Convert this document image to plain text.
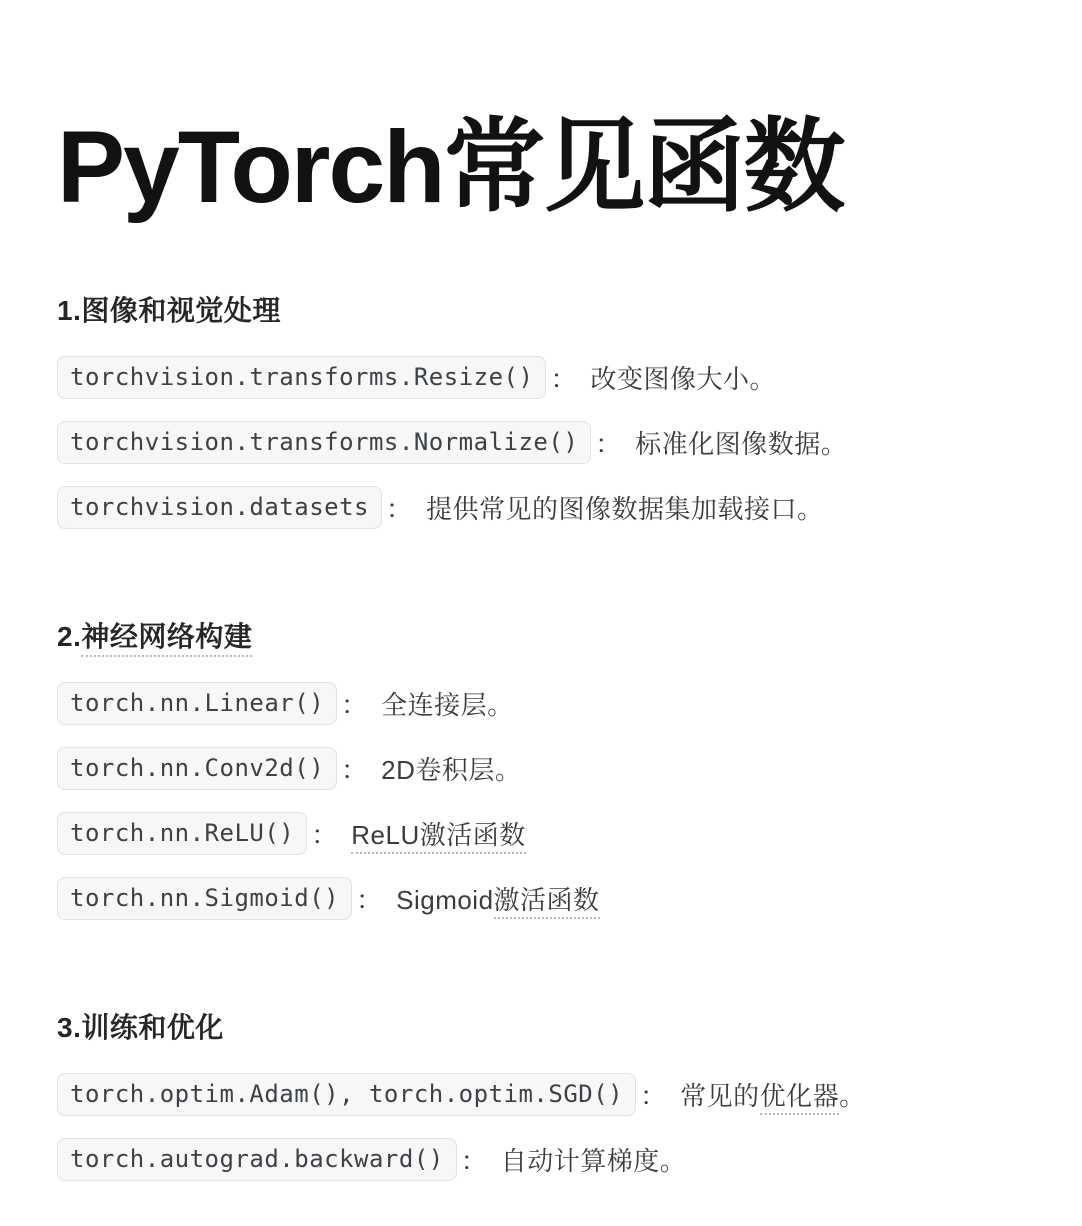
PyTorch常见函数
1.图像和视觉处理
torchvision.transforms.Resize() ： 改变图像大小。
torchvision.transforms.Normalize() ： 标准化图像数据。
torchvision.datasets ： 提供常见的图像数据集加载接口。
2.神经网络构建
torch.nn.Linear() ： 全连接层。
torch.nn.Conv2d() ： 2D卷积层。
torch.nn.ReLU() ： ReLU激活函数
torch.nn.Sigmoid() ： Sigmoid激活函数
3.训练和优化
torch.optim.Adam(), torch.optim.SGD() ： 常见的优化器。
torch.autograd.backward() ： 自动计算梯度。
